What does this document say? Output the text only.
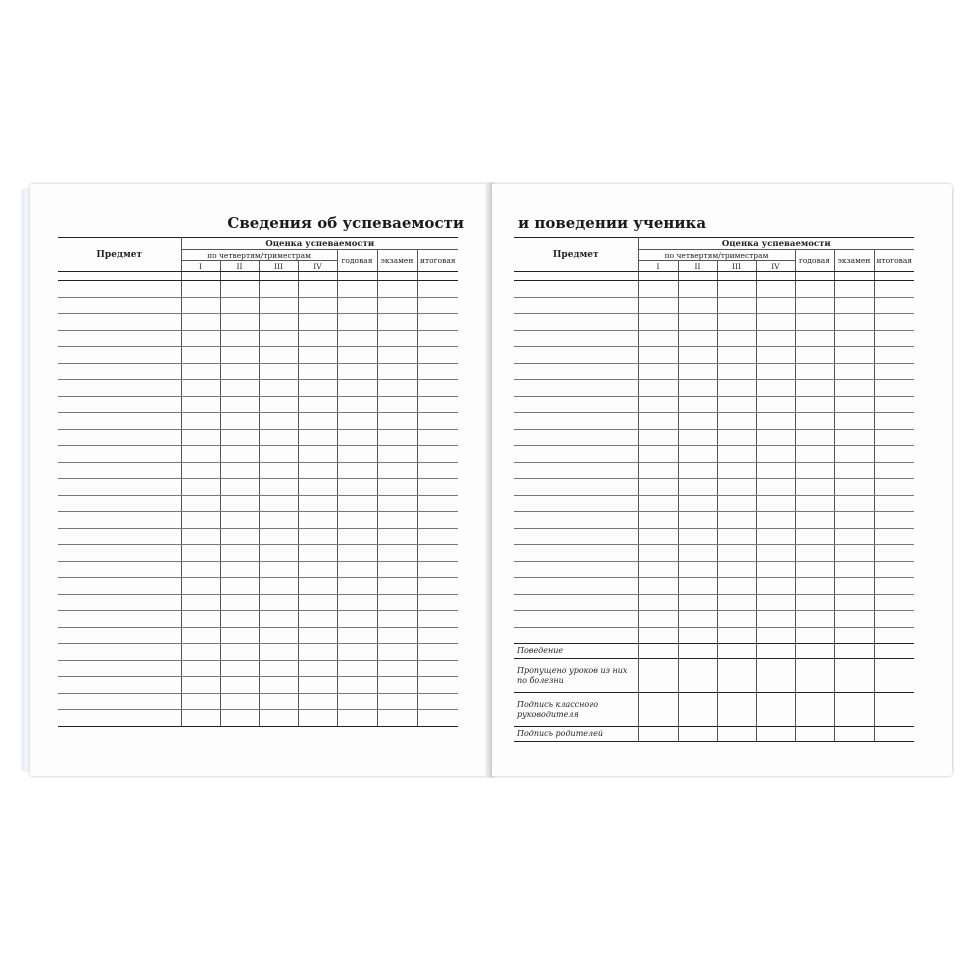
Сведения об успеваемости
Предмет	Оценка успеваемости						
	по четвертям/триместрам				годовая	экзамен	итоговая
	I	II	III	IV			

и поведении ученика
Предмет	Оценка успеваемости						
	по четвертям/триместрам				годовая	экзамен	итоговая
	I	II	III	IV			

Поведение							
Пропущено уроков из них по болезни							
Подпись классного руководителя							
Подпись родителей							
